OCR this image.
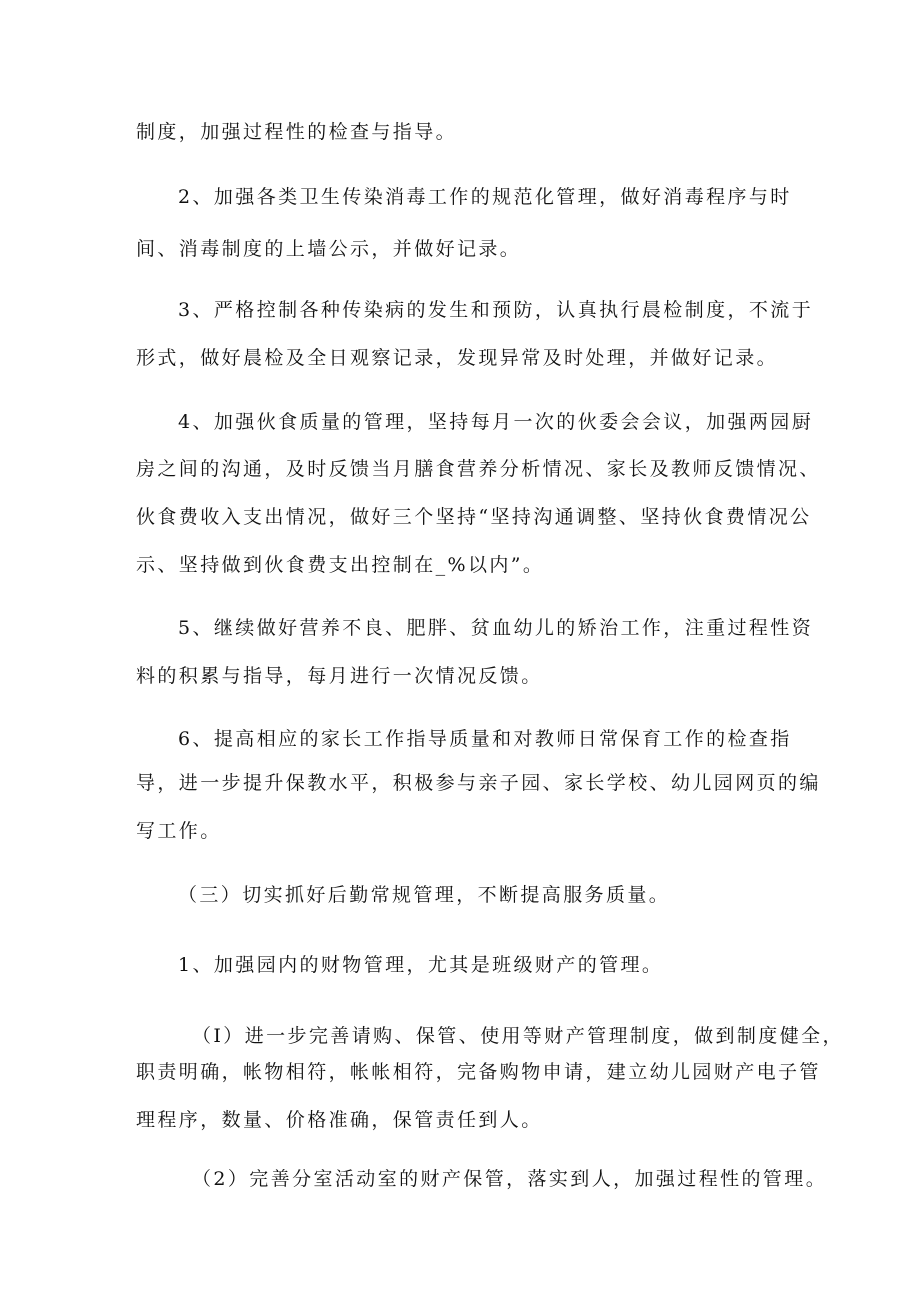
制度，加强过程性的检查与指导。
2、加强各类卫生传染消毒工作的规范化管理，做好消毒程序与时
间、消毒制度的上墙公示，并做好记录。
3、严格控制各种传染病的发生和预防，认真执行晨检制度，不流于
形式，做好晨检及全日观察记录，发现异常及时处理，并做好记录。
4、加强伙食质量的管理，坚持每月一次的伙委会会议，加强两园厨
房之间的沟通，及时反馈当月膳食营养分析情况、家长及教师反馈情况、
伙食费收入支出情况，做好三个坚持“坚持沟通调整、坚持伙食费情况公
示、坚持做到伙食费支出控制在_%以内”。
5、继续做好营养不良、肥胖、贫血幼儿的矫治工作，注重过程性资
料的积累与指导，每月进行一次情况反馈。
6、提高相应的家长工作指导质量和对教师日常保育工作的检查指
导，进一步提升保教水平，积极参与亲子园、家长学校、幼儿园网页的编
写工作。
（三）切实抓好后勤常规管理，不断提高服务质量。
1、加强园内的财物管理，尤其是班级财产的管理。
（I）进一步完善请购、保管、使用等财产管理制度，做到制度健全，
职责明确，帐物相符，帐帐相符，完备购物申请，建立幼儿园财产电子管
理程序，数量、价格准确，保管责任到人。
（2）完善分室活动室的财产保管，落实到人，加强过程性的管理。
